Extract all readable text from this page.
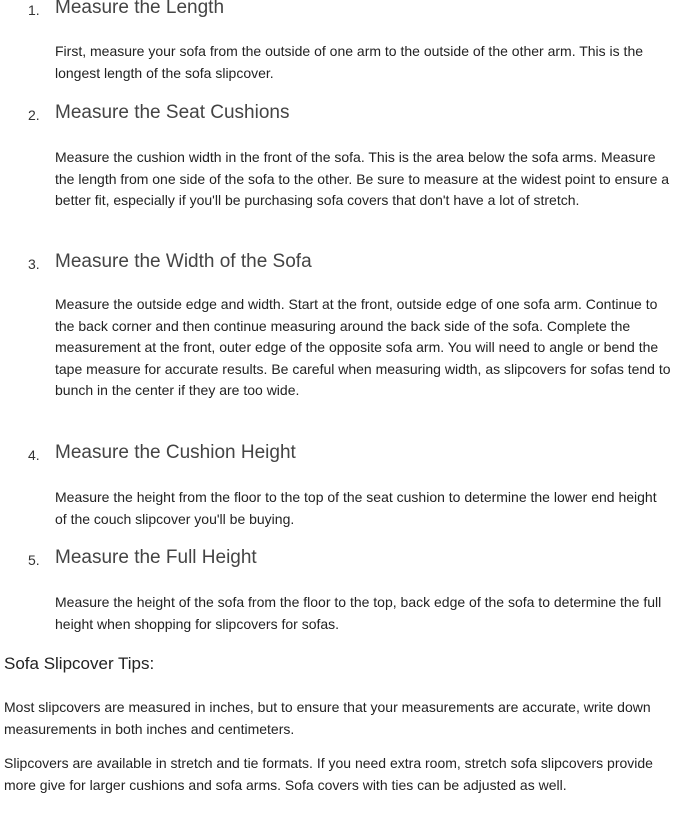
1. Measure the Length

First, measure your sofa from the outside of one arm to the outside of the other arm. This is the longest length of the sofa slipcover.

2. Measure the Seat Cushions

Measure the cushion width in the front of the sofa. This is the area below the sofa arms. Measure the length from one side of the sofa to the other. Be sure to measure at the widest point to ensure a better fit, especially if you'll be purchasing sofa covers that don't have a lot of stretch.

3. Measure the Width of the Sofa

Measure the outside edge and width. Start at the front, outside edge of one sofa arm. Continue to the back corner and then continue measuring around the back side of the sofa. Complete the measurement at the front, outer edge of the opposite sofa arm. You will need to angle or bend the tape measure for accurate results. Be careful when measuring width, as slipcovers for sofas tend to bunch in the center if they are too wide.

4. Measure the Cushion Height

Measure the height from the floor to the top of the seat cushion to determine the lower end height of the couch slipcover you'll be buying.

5. Measure the Full Height

Measure the height of the sofa from the floor to the top, back edge of the sofa to determine the full height when shopping for slipcovers for sofas.

Sofa Slipcover Tips:

Most slipcovers are measured in inches, but to ensure that your measurements are accurate, write down measurements in both inches and centimeters.

Slipcovers are available in stretch and tie formats. If you need extra room, stretch sofa slipcovers provide more give for larger cushions and sofa arms. Sofa covers with ties can be adjusted as well.
